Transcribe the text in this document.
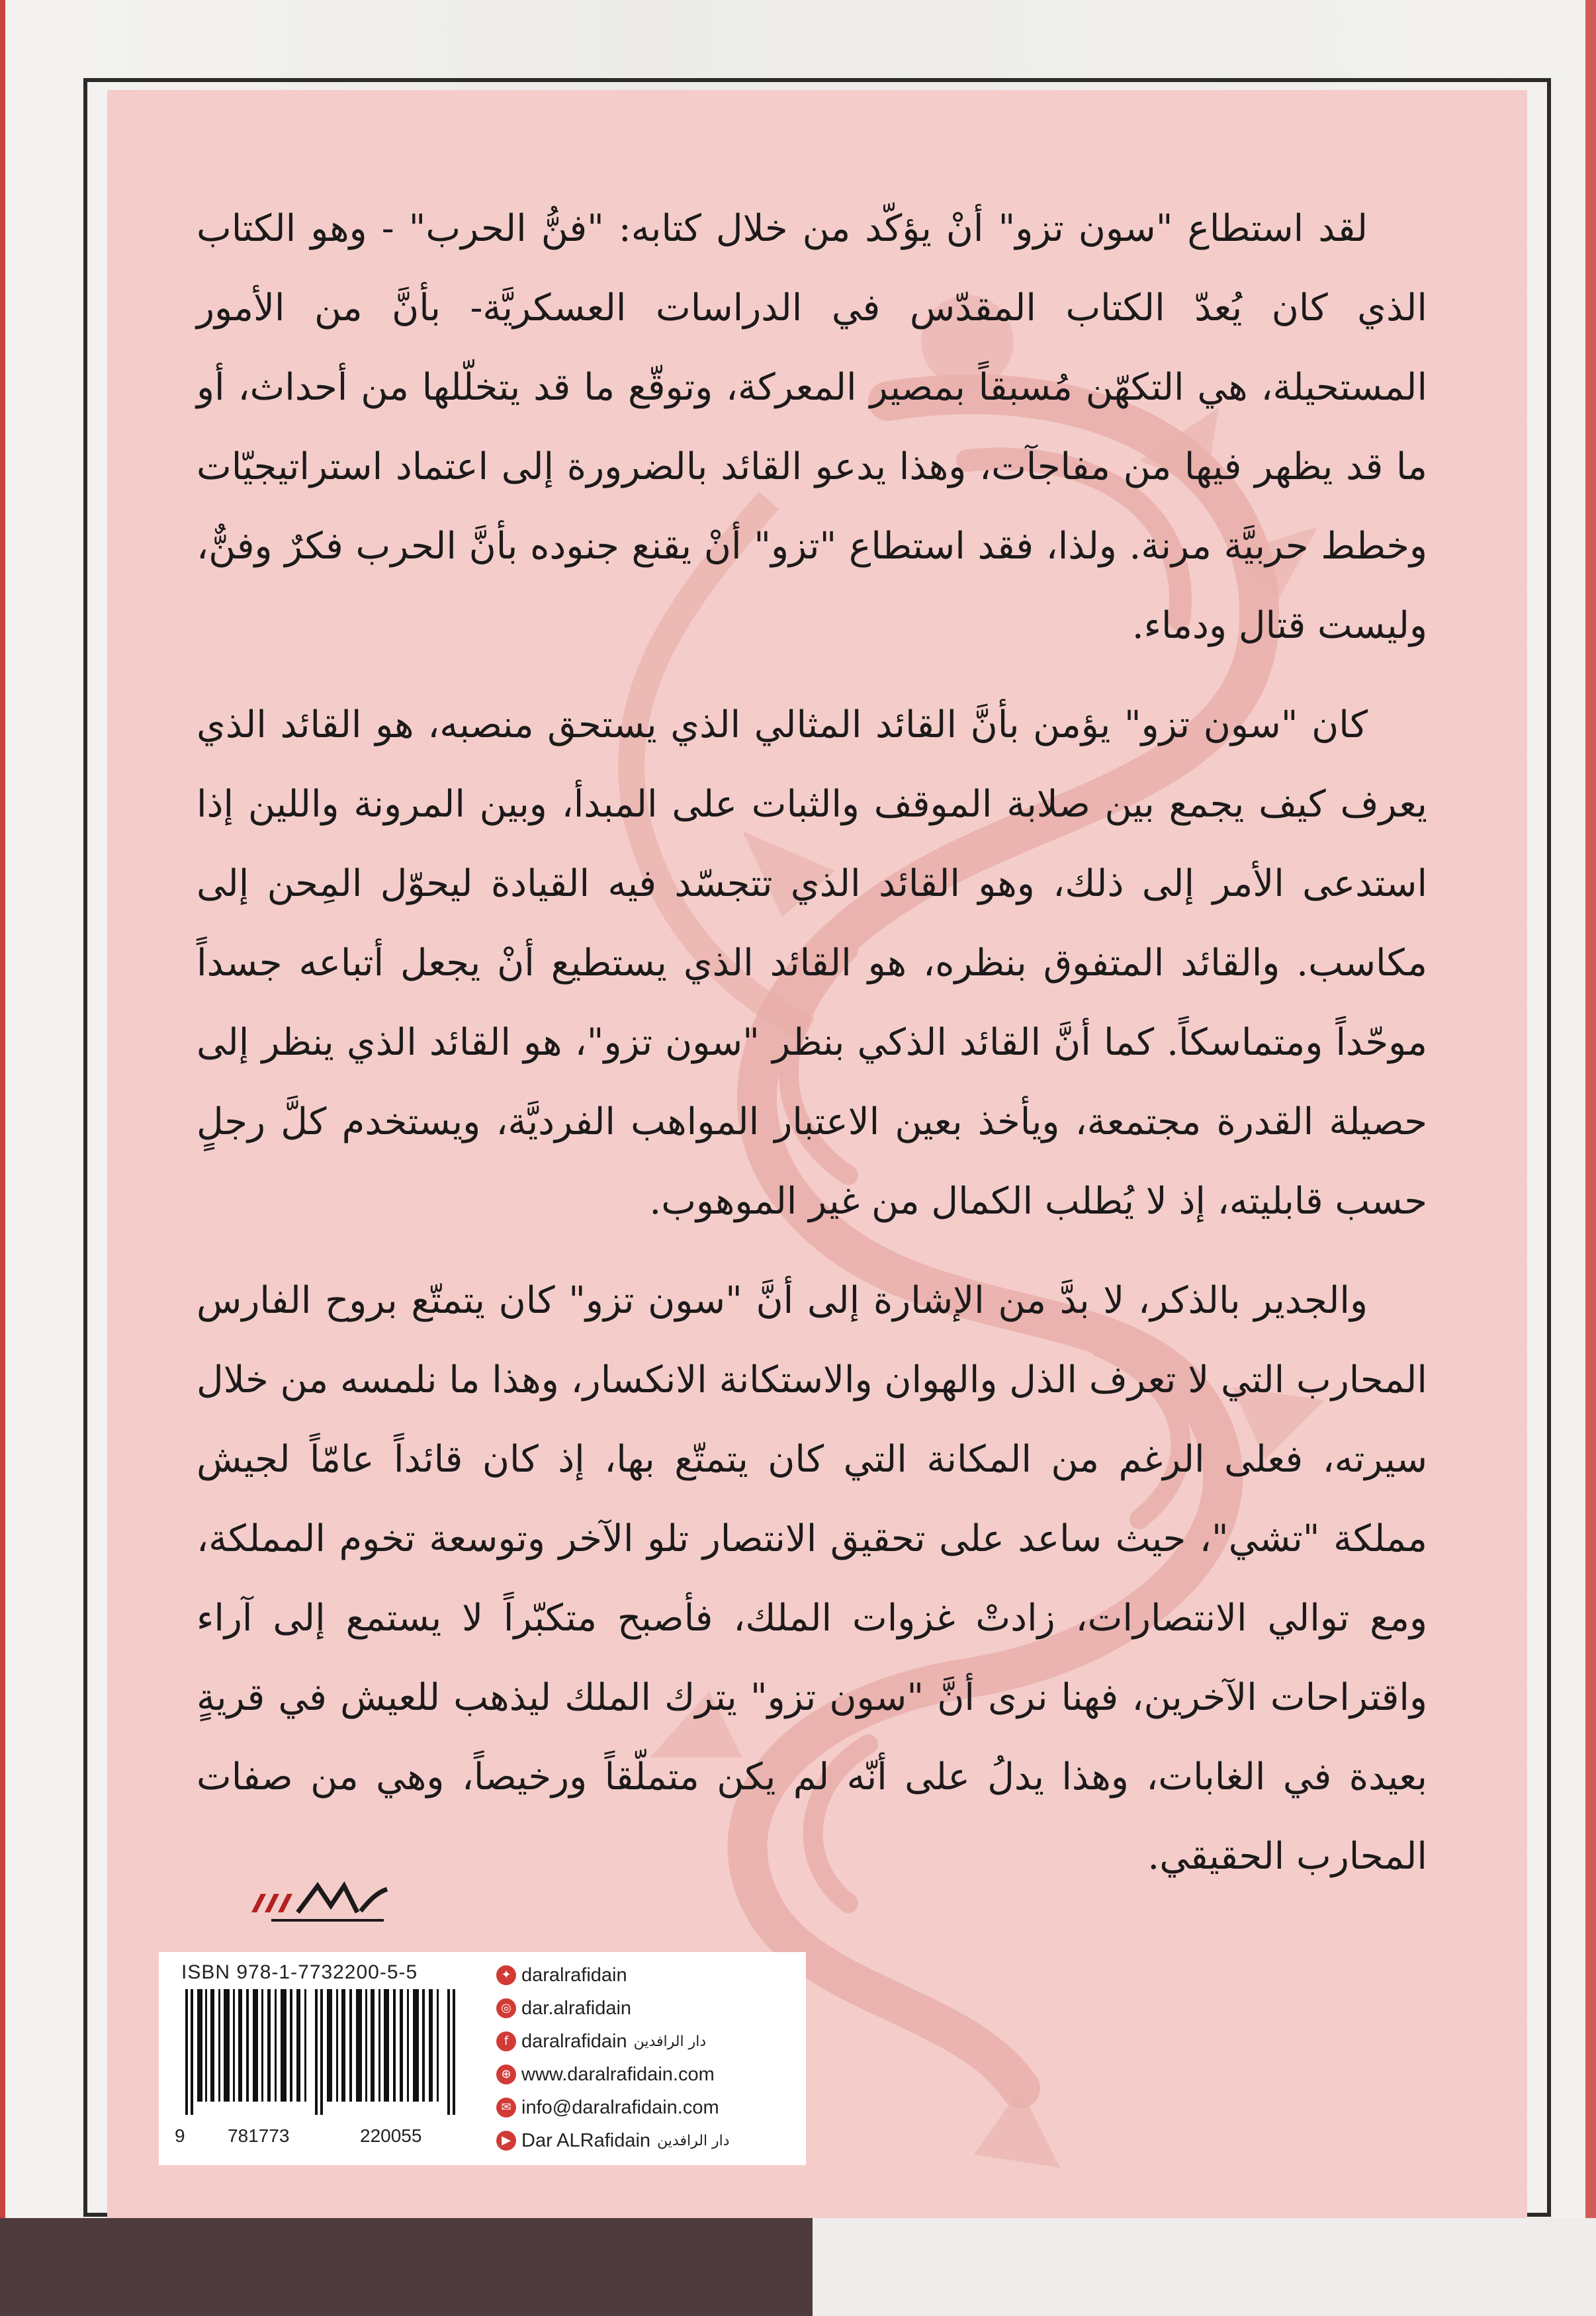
لقد استطاع "سون تزو" أنْ يؤكّد من خلال كتابه: "فنُّ الحرب" - وهو الكتاب الذي كان يُعدّ الكتاب المقدّس في الدراسات العسكريَّة- بأنَّ من الأمور المستحيلة، هي التكهّن مُسبقاً بمصير المعركة، وتوقّع ما قد يتخلّلها من أحداث، أو ما قد يظهر فيها من مفاجآت، وهذا يدعو القائد بالضرورة إلى اعتماد استراتيجيّات وخطط حربيَّة مرنة. ولذا، فقد استطاع "تزو" أنْ يقنع جنوده بأنَّ الحرب فكرٌ وفنٌّ، وليست قتال ودماء.

كان "سون تزو" يؤمن بأنَّ القائد المثالي الذي يستحق منصبه، هو القائد الذي يعرف كيف يجمع بين صلابة الموقف والثبات على المبدأ، وبين المرونة واللين إذا استدعى الأمر إلى ذلك، وهو القائد الذي تتجسّد فيه القيادة ليحوّل المِحن إلى مكاسب. والقائد المتفوق بنظره، هو القائد الذي يستطيع أنْ يجعل أتباعه جسداً موحّداً ومتماسكاً. كما أنَّ القائد الذكي بنظر "سون تزو"، هو القائد الذي ينظر إلى حصيلة القدرة مجتمعة، ويأخذ بعين الاعتبار المواهب الفرديَّة، ويستخدم كلَّ رجلٍ حسب قابليته، إذ لا يُطلب الكمال من غير الموهوب.

والجدير بالذكر، لا بدَّ من الإشارة إلى أنَّ "سون تزو" كان يتمتّع بروح الفارس المحارب التي لا تعرف الذل والهوان والاستكانة الانكسار، وهذا ما نلمسه من خلال سيرته، فعلى الرغم من المكانة التي كان يتمتّع بها، إذ كان قائداً عامّاً لجيش مملكة "تشي"، حيث ساعد على تحقيق الانتصار تلو الآخر وتوسعة تخوم المملكة، ومع توالي الانتصارات، زادتْ غزوات الملك، فأصبح متكبّراً لا يستمع إلى آراء واقتراحات الآخرين، فهنا نرى أنَّ "سون تزو" يترك الملك ليذهب للعيش في قريةٍ بعيدة في الغابات، وهذا يدلُ على أنّه لم يكن متملّقاً ورخيصاً، وهي من صفات المحارب الحقيقي.

ISBN 978-1-7732200-5-5
9 781773	220055
✦ daralrafidain
◎ dar.alrafidain
f daralrafidain دار الرافدين
⊕ www.daralrafidain.com
✉ info@daralrafidain.com
▶ Dar ALRafidain دار الرافدين
